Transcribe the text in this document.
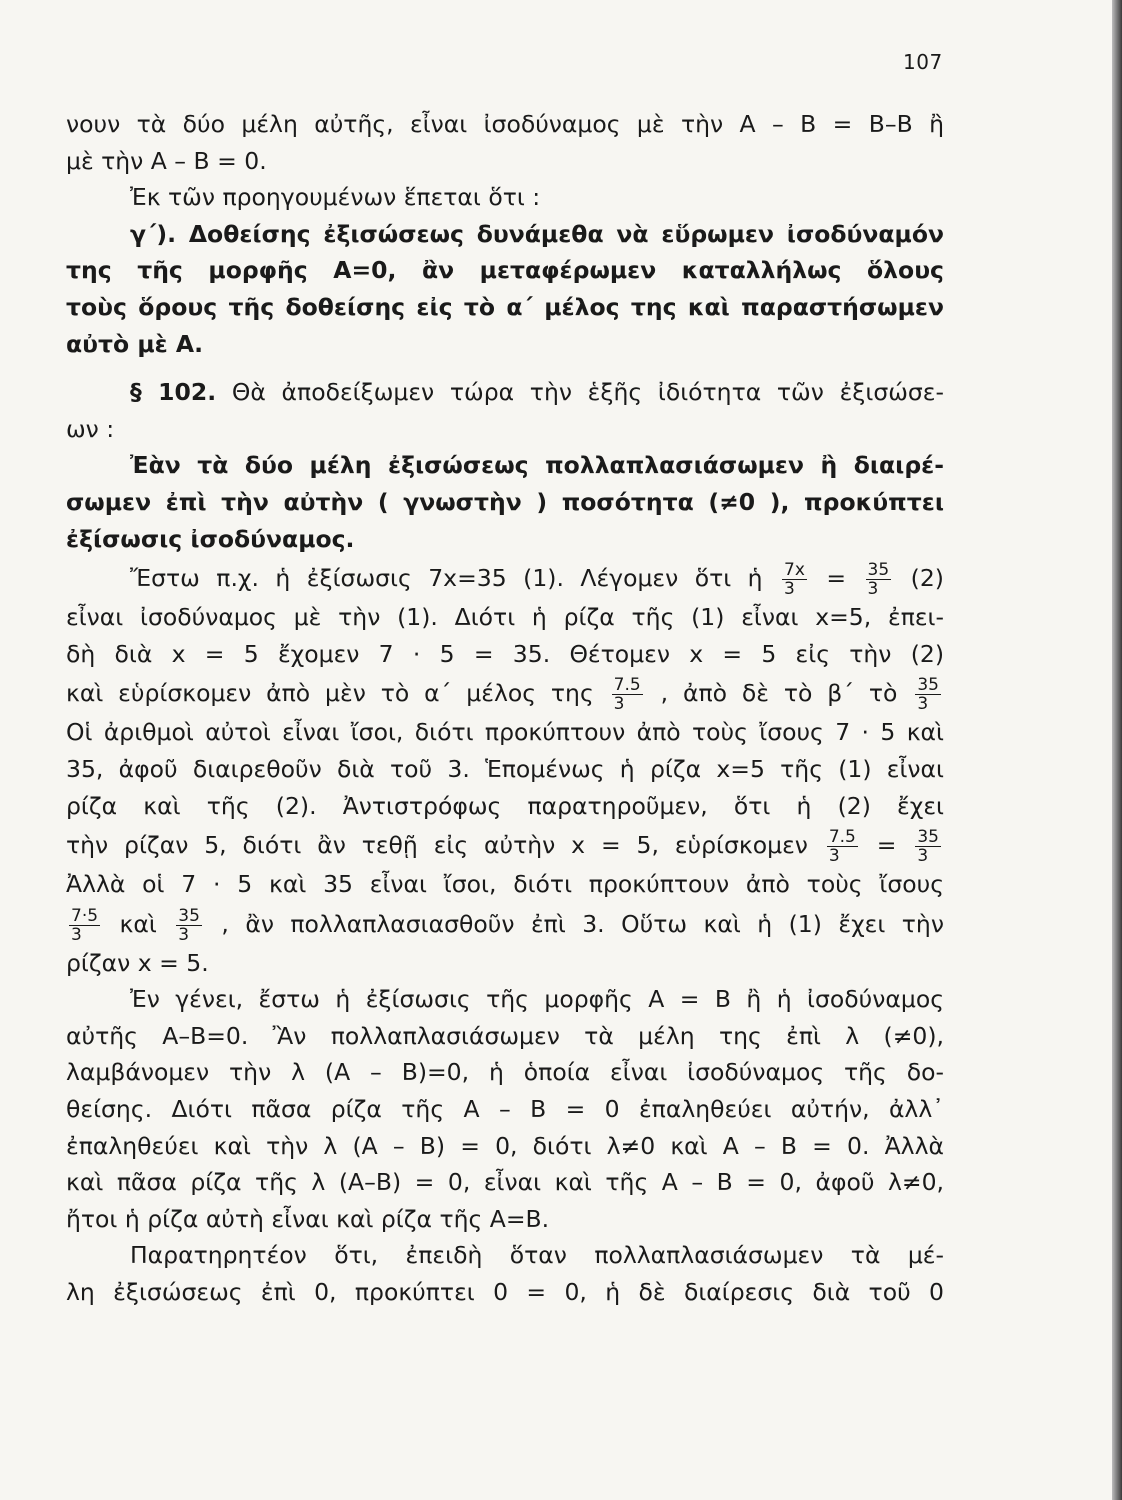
107
νουν τὰ δύο μέλη αὐτῆς, εἶναι ἰσοδύναμος μὲ τὴν Α – Β = Β–Β ἢ
μὲ τὴν Α – Β = 0.
Ἐκ τῶν προηγουμένων ἕπεται ὅτι :
γ΄). Δοθείσης ἐξισώσεως δυνάμεθα νὰ εὕρωμεν ἰσοδύναμόν
της τῆς μορφῆς Α=0, ἂν μεταφέρωμεν καταλλήλως ὅλους
τοὺς ὅρους τῆς δοθείσης εἰς τὸ α΄ μέλος της καὶ παραστήσωμεν
αὐτὸ μὲ Α.
§ 102. Θὰ ἀποδείξωμεν τώρα τὴν ἑξῆς ἰδιότητα τῶν ἐξισώσε-
ων :
Ἐὰν τὰ δύο μέλη ἐξισώσεως πολλαπλασιάσωμεν ἢ διαιρέ-
σωμεν ἐπὶ τὴν αὐτὴν ( γνωστὴν ) ποσότητα (≠0 ), προκύπτει
ἐξίσωσις ἰσοδύναμος.
Ἔστω π.χ. ἡ ἐξίσωσις 7x=35 (1). Λέγομεν ὅτι ἡ $\frac{7x}{3} = \frac{35}{3} (2)$
εἶναι ἰσοδύναμος μὲ τὴν (1). Διότι ἡ ρίζα τῆς (1) εἶναι x=5, ἐπει-
δὴ διὰ x = 5 ἔχομεν 7 · 5 = 35. Θέτομεν x = 5 εἰς τὴν (2)
καὶ εὑρίσκομεν ἀπὸ μὲν τὸ α΄ μέλος της $\frac{7.5}{3}$ , ἀπὸ δὲ τὸ β΄ τὸ $\frac{35}{3}$
Οἱ ἀριθμοὶ αὐτοὶ εἶναι ἴσοι, διότι προκύπτουν ἀπὸ τοὺς ἴσους 7 · 5 καὶ
35, ἀφοῦ διαιρεθοῦν διὰ τοῦ 3. Ἑπομένως ἡ ρίζα x=5 τῆς (1) εἶναι
ρίζα καὶ τῆς (2). Ἀντιστρόφως παρατηροῦμεν, ὅτι ἡ (2) ἔχει
τὴν ρίζαν 5, διότι ἂν τεθῇ εἰς αὐτὴν x = 5, εὑρίσκομεν $\frac{7.5}{3} = \frac{35}{3}$
Ἀλλὰ οἱ 7 · 5 καὶ 35 εἶναι ἴσοι, διότι προκύπτουν ἀπὸ τοὺς ἴσους
$\frac{7\cdot 5}{3}$ καὶ $\frac{35}{3}$ , ἂν πολλαπλασιασθοῦν ἐπὶ 3. Οὕτω καὶ ἡ (1) ἔχει τὴν
ρίζαν x = 5.
Ἐν γένει, ἔστω ἡ ἐξίσωσις τῆς μορφῆς Α = Β ἢ ἡ ἰσοδύναμος
αὐτῆς Α–Β=0. Ἂν πολλαπλασιάσωμεν τὰ μέλη της ἐπὶ λ (≠0),
λαμβάνομεν τὴν λ (Α – Β)=0, ἡ ὁποία εἶναι ἰσοδύναμος τῆς δο-
θείσης. Διότι πᾶσα ρίζα τῆς Α – Β = 0 ἐπαληθεύει αὐτήν, ἀλλ᾽
ἐπαληθεύει καὶ τὴν λ (Α – Β) = 0, διότι λ≠0 καὶ Α – Β = 0. Ἀλλὰ
καὶ πᾶσα ρίζα τῆς λ (Α–Β) = 0, εἶναι καὶ τῆς Α – Β = 0, ἀφοῦ λ≠0,
ἤτοι ἡ ρίζα αὐτὴ εἶναι καὶ ρίζα τῆς Α=Β.
Παρατηρητέον ὅτι, ἐπειδὴ ὅταν πολλαπλασιάσωμεν τὰ μέ-
λη ἐξισώσεως ἐπὶ 0, προκύπτει 0 = 0, ἡ δὲ διαίρεσις διὰ τοῦ 0
